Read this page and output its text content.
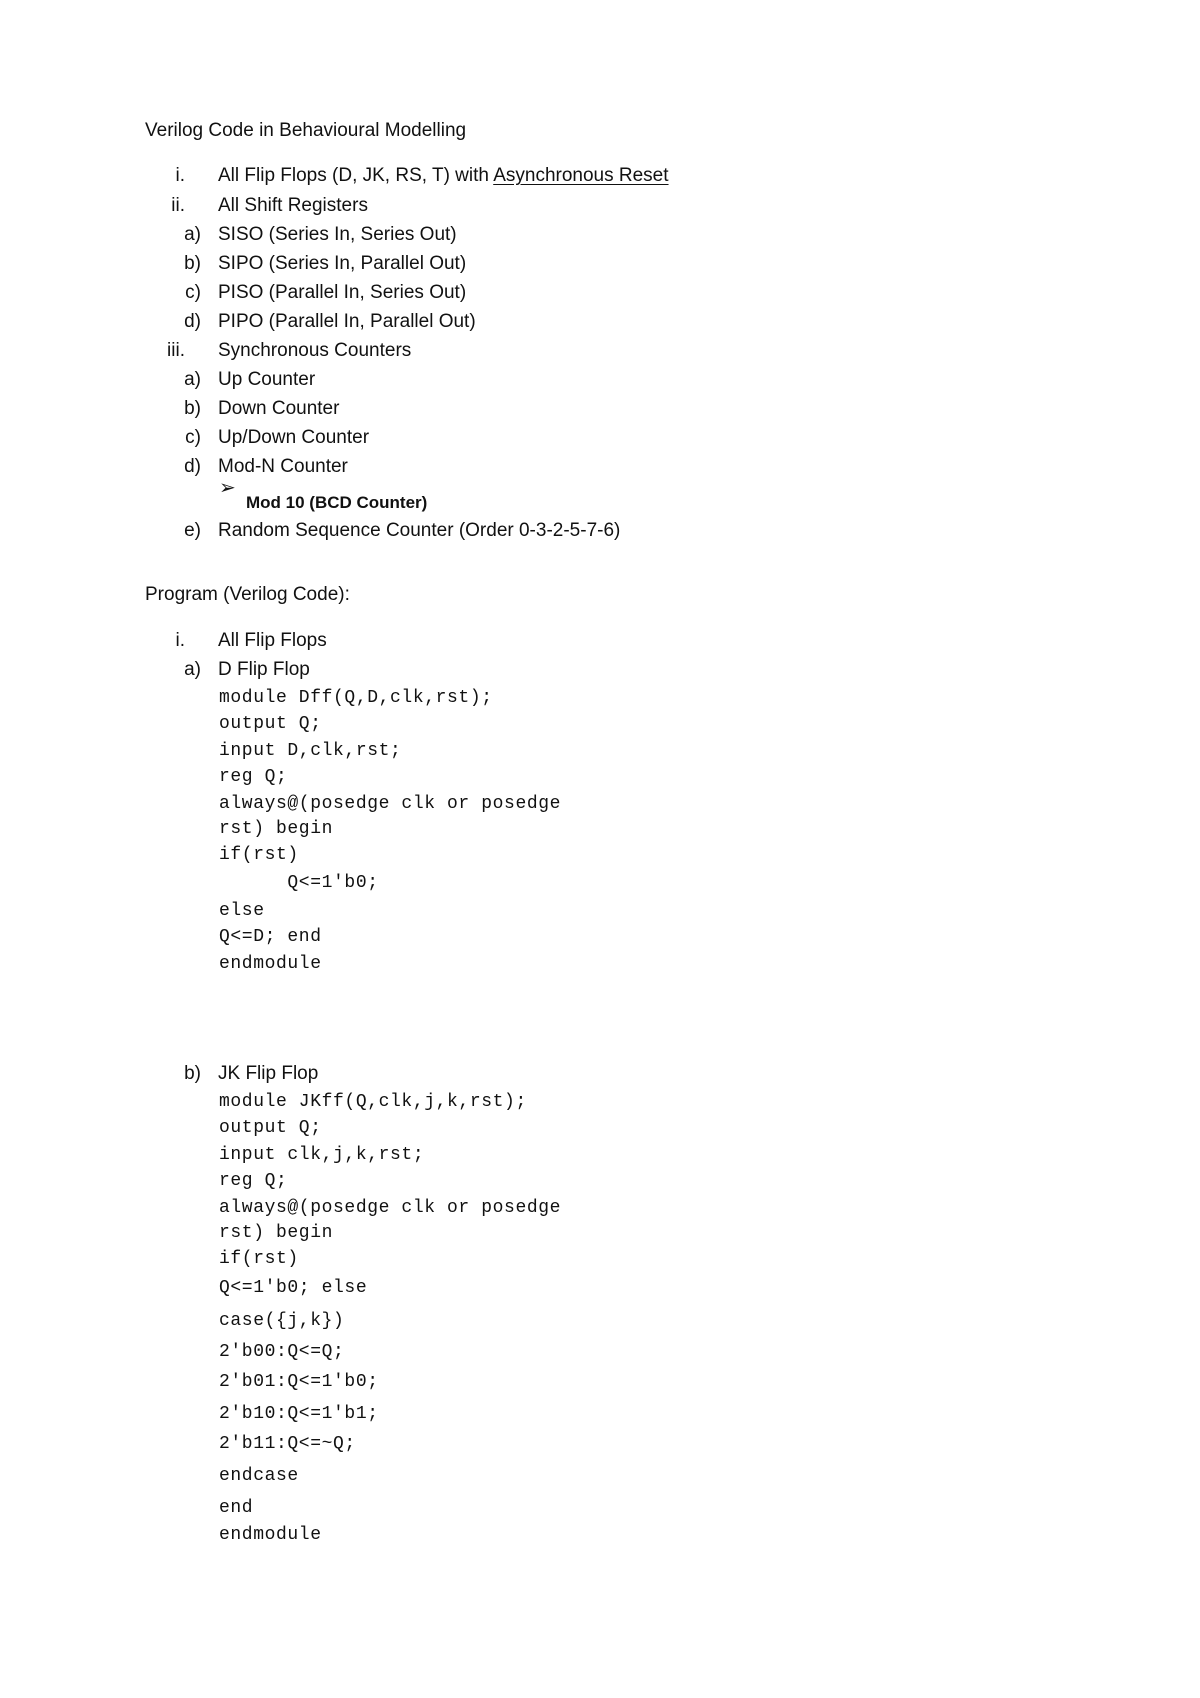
Verilog Code in Behavioural Modelling
i. All Flip Flops (D, JK, RS, T) with Asynchronous Reset
ii. All Shift Registers
a) SISO (Series In, Series Out)
b) SIPO (Series In, Parallel Out)
c) PISO (Parallel In, Series Out)
d) PIPO (Parallel In, Parallel Out)
iii. Synchronous Counters
a) Up Counter
b) Down Counter
c) Up/Down Counter
d) Mod-N Counter
➢
Mod 10 (BCD Counter)
e) Random Sequence Counter (Order 0-3-2-5-7-6)
Program (Verilog Code):
i. All Flip Flops
a) D Flip Flop
module Dff(Q,D,clk,rst);
output Q;
input D,clk,rst;
reg Q;
always@(posedge clk or posedge
rst) begin
if(rst)
Q<=1'b0;
else
Q<=D; end
endmodule
b) JK Flip Flop
module JKff(Q,clk,j,k,rst);
output Q;
input clk,j,k,rst;
reg Q;
always@(posedge clk or posedge
rst) begin
if(rst)
Q<=1'b0; else
case({j,k})
2'b00:Q<=Q;
2'b01:Q<=1'b0;
2'b10:Q<=1'b1;
2'b11:Q<=~Q;
endcase
end
endmodule
